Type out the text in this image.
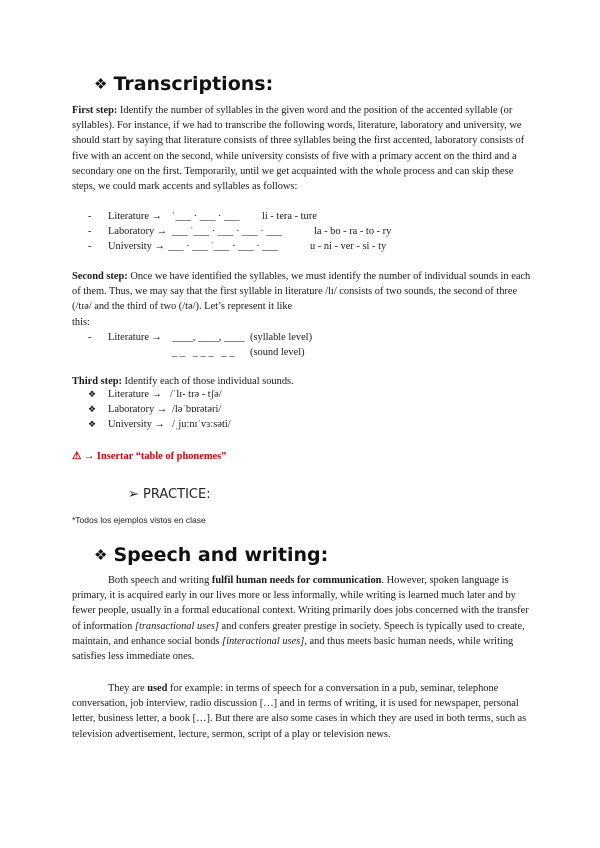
❖ Transcriptions:
First step: Identify the number of syllables in the given word and the position of the accented syllable (or syllables). For instance, if we had to transcribe the following words, literature, laboratory and university, we should start by saying that literature consists of three syllables being the first accented, laboratory consists of five with an accent on the second, while university consists of five with a primary accent on the third and a secondary one on the first. Temporarily, until we get acquainted with the whole process and can skip these steps, we could mark accents and syllables as follows:
- Literature → ˈ___ · ___ · ___ li - tera - ture
- Laboratory → ___ ˈ___ · ___ · ___ · ___	la - bo - ra - to - ry
- University → ___ · ___ ˈ___ · ___ · ___	u - ni - ver - si - ty
Second step: Once we have identified the syllables, we must identify the number of individual sounds in each of them. Thus, we may say that the first syllable in literature /lɪ/ consists of two sounds, the second of three (/tɪə/ and the third of two (/tə/). Let’s represent it like
this:
- Literature → ____, ____, ____ (syllable level)
_ _   _ _ _   _ _ (sound level)
Third step: Identify each of those individual sounds.
❖ Literature → /ˈlɪ- trə - tʃə/
❖ Laboratory → /ləˈbɒrətəri/
❖ University → /ˌjuːnɪˈvɜːsəti/
⚠ → Insertar “table of phonemes”
➢ PRACTICE:
*Todos los ejemplos vistos en clase
❖ Speech and writing:
Both speech and writing fulfil human needs for communication. However, spoken language is primary, it is acquired early in our lives more or less informally, while writing is learned much later and by fewer people, usually in a formal educational context. Writing primarily does jobs concerned with the transfer of information [transactional uses] and confers greater prestige in society. Speech is typically used to create, maintain, and enhance social bonds [interactional uses], and thus meets basic human needs, while writing satisfies less immediate ones.
They are used for example: in terms of speech for a conversation in a pub, seminar, telephone conversation, job interview, radio discussion […] and in terms of writing, it is used for newspaper, personal letter, business letter, a book […]. But there are also some cases in which they are used in both terms, such as television advertisement, lecture, sermon, script of a play or television news.
